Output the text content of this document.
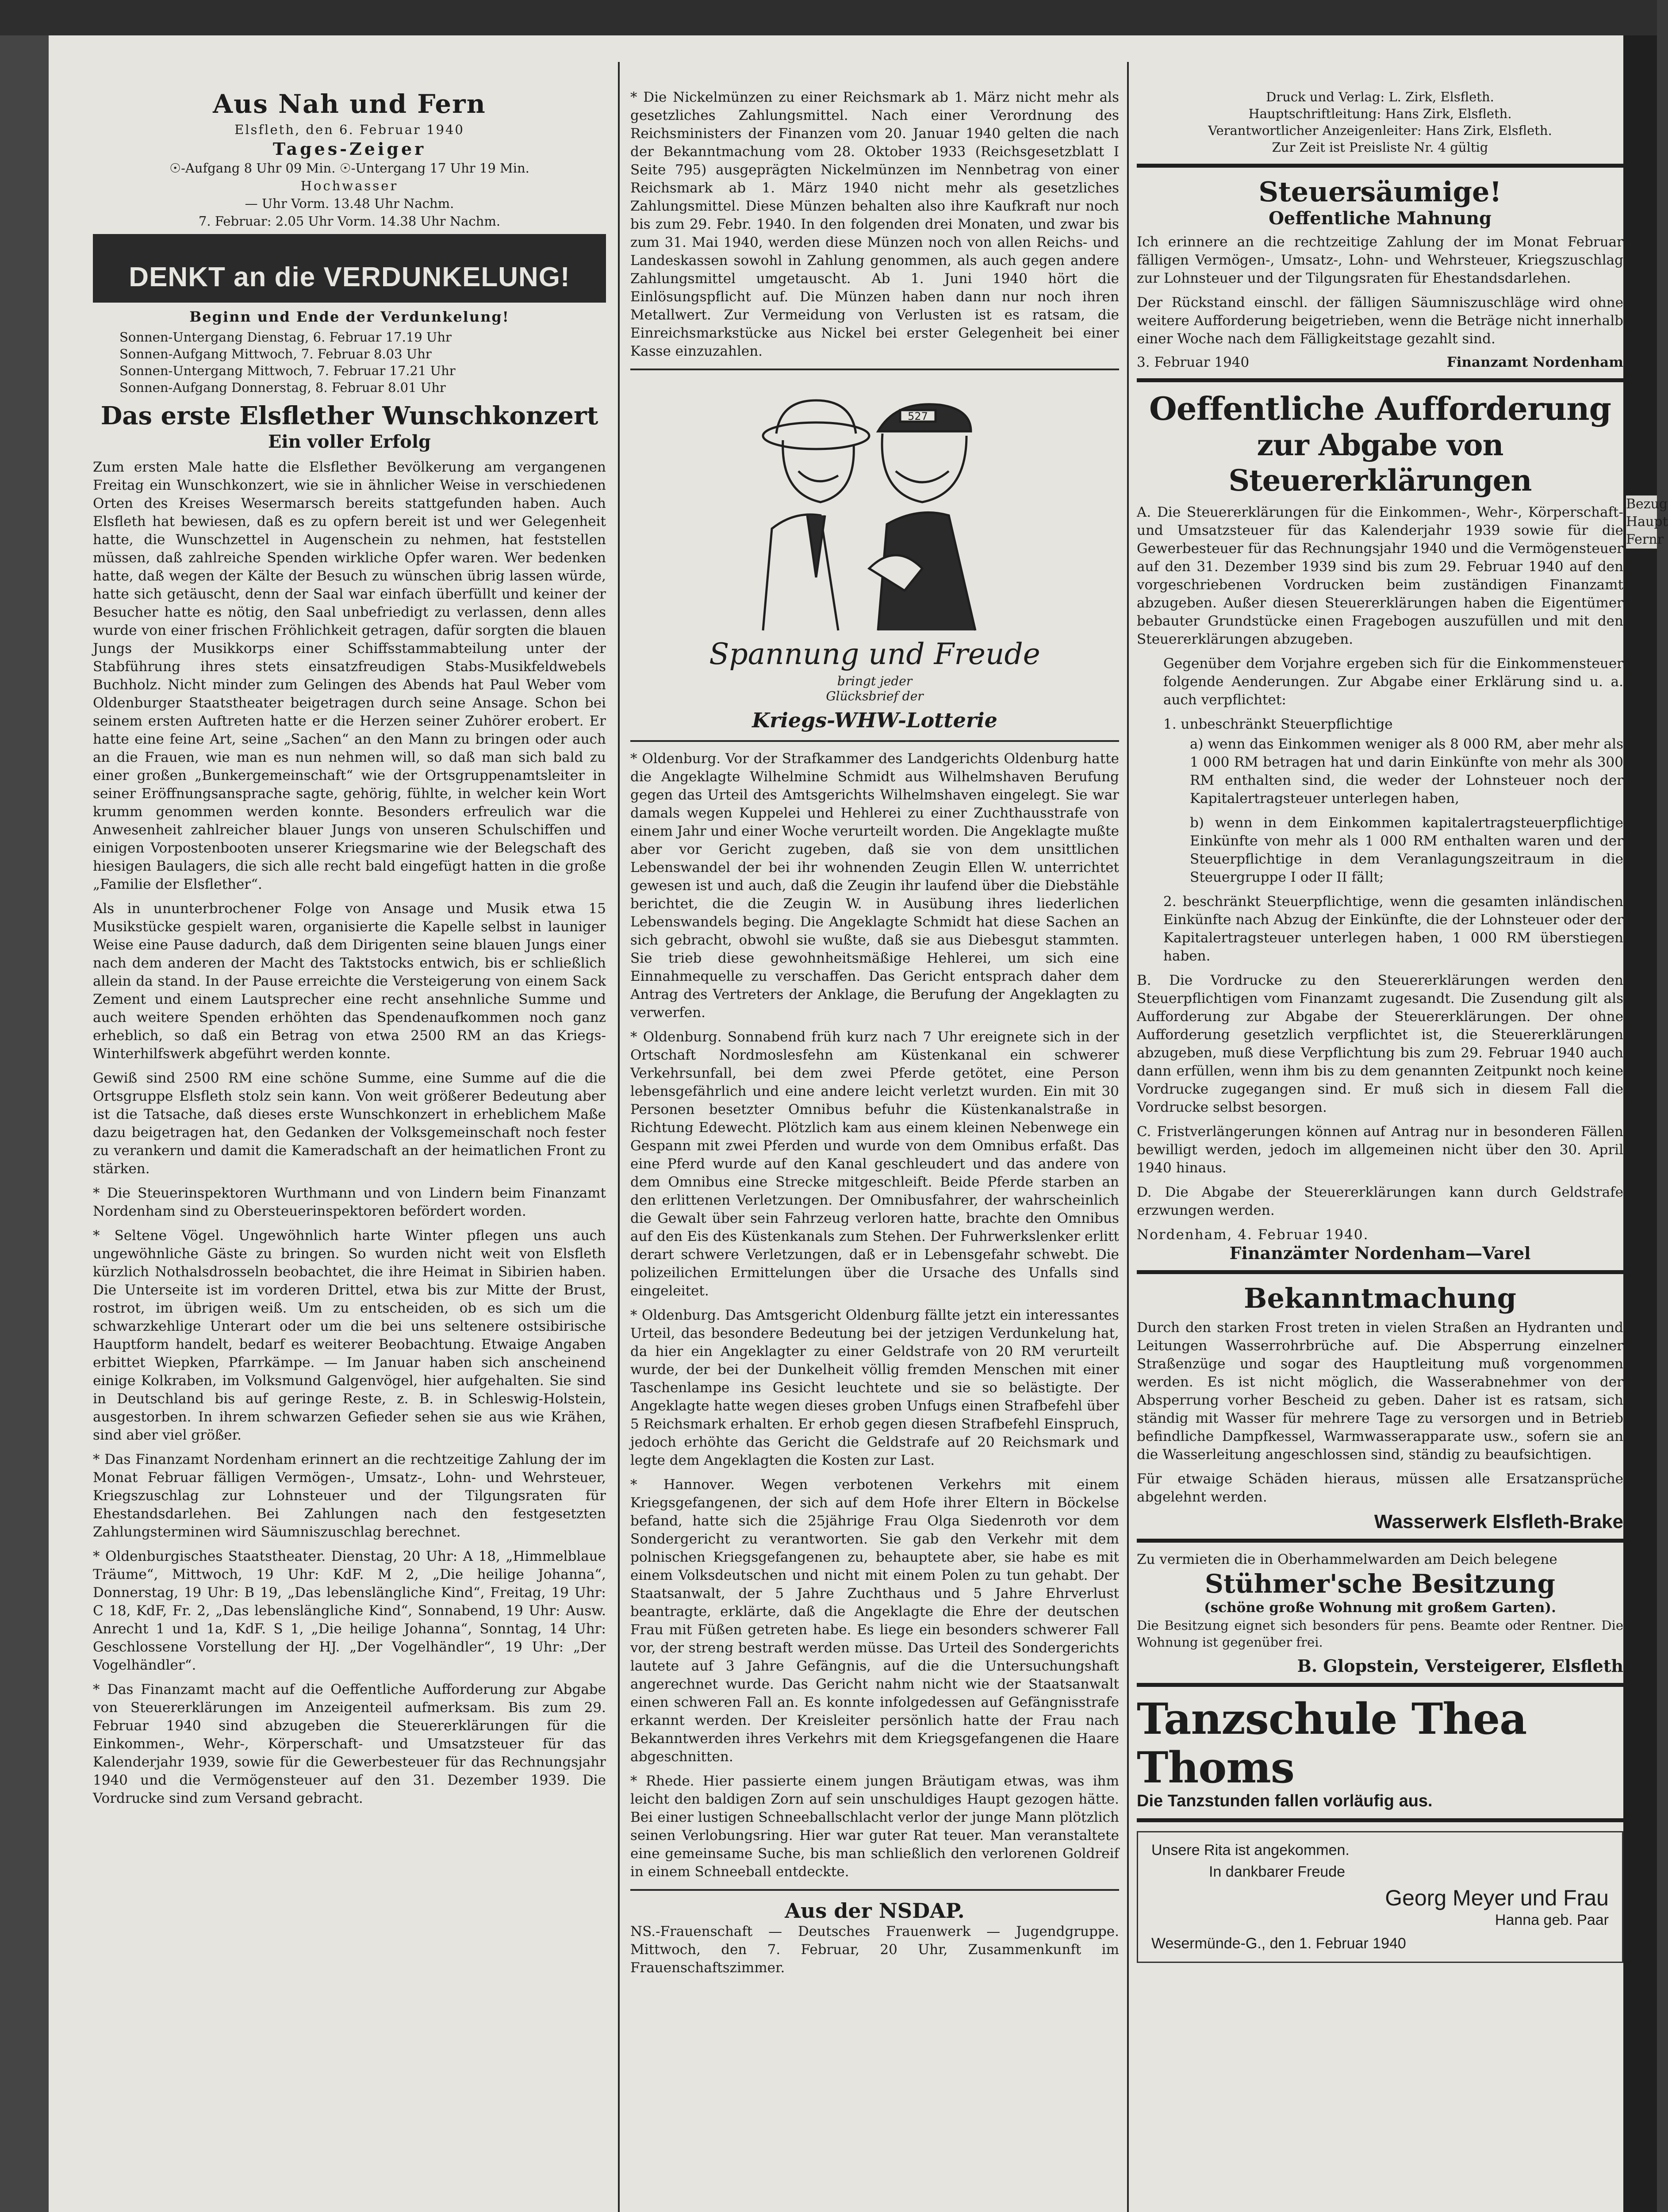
Aus Nah und Fern

Elsfleth, den 6. Februar 1940

Tages-Zeiger

☉-Aufgang 8 Uhr 09 Min. ☉-Untergang 17 Uhr 19 Min.

Hochwasser

— Uhr Vorm. 13.48 Uhr Nachm.

7. Februar: 2.05 Uhr Vorm. 14.38 Uhr Nachm.

DENKT an die VERDUNKELUNG!

Beginn und Ende der Verdunkelung!

Sonnen-Untergang Dienstag, 6. Februar 17.19 Uhr

Sonnen-Aufgang Mittwoch, 7. Februar 8.03 Uhr

Sonnen-Untergang Mittwoch, 7. Februar 17.21 Uhr

Sonnen-Aufgang Donnerstag, 8. Februar 8.01 Uhr

Das erste Elsflether Wunschkonzert
Ein voller Erfolg

Zum ersten Male hatte die Elsflether Bevölkerung am vergangenen Freitag ein Wunschkonzert, wie sie in ähnlicher Weise in verschiedenen Orten des Kreises Wesermarsch bereits stattgefunden haben. Auch Elsfleth hat bewiesen, daß es zu opfern bereit ist und wer Gelegenheit hatte, die Wunschzettel in Augenschein zu nehmen, hat feststellen müssen, daß zahlreiche Spenden wirkliche Opfer waren. Wer bedenken hatte, daß wegen der Kälte der Besuch zu wünschen übrig lassen würde, hatte sich getäuscht, denn der Saal war einfach überfüllt und keiner der Besucher hatte es nötig, den Saal unbefriedigt zu verlassen, denn alles wurde von einer frischen Fröhlichkeit getragen, dafür sorgten die blauen Jungs der Musikkorps einer Schiffsstammabteilung unter der Stabführung ihres stets einsatzfreudigen Stabs-Musikfeldwebels Buchholz. Nicht minder zum Gelingen des Abends hat Paul Weber vom Oldenburger Staatstheater beigetragen durch seine Ansage. Schon bei seinem ersten Auftreten hatte er die Herzen seiner Zuhörer erobert. Er hatte eine feine Art, seine „Sachen“ an den Mann zu bringen oder auch an die Frauen, wie man es nun nehmen will, so daß man sich bald zu einer großen „Bunkergemeinschaft“ wie der Ortsgruppenamtsleiter in seiner Eröffnungsansprache sagte, gehörig, fühlte, in welcher kein Wort krumm genommen werden konnte. Besonders erfreulich war die Anwesenheit zahlreicher blauer Jungs von unseren Schulschiffen und einigen Vorpostenbooten unserer Kriegsmarine wie der Belegschaft des hiesigen Baulagers, die sich alle recht bald eingefügt hatten in die große „Familie der Elsflether“.

Als in ununterbrochener Folge von Ansage und Musik etwa 15 Musikstücke gespielt waren, organisierte die Kapelle selbst in launiger Weise eine Pause dadurch, daß dem Dirigenten seine blauen Jungs einer nach dem anderen der Macht des Taktstocks entwich, bis er schließlich allein da stand. In der Pause erreichte die Versteigerung von einem Sack Zement und einem Lautsprecher eine recht ansehnliche Summe und auch weitere Spenden erhöhten das Spendenaufkommen noch ganz erheblich, so daß ein Betrag von etwa 2500 RM an das Kriegs-Winterhilfswerk abgeführt werden konnte.

Gewiß sind 2500 RM eine schöne Summe, eine Summe auf die die Ortsgruppe Elsfleth stolz sein kann. Von weit größerer Bedeutung aber ist die Tatsache, daß dieses erste Wunschkonzert in erheblichem Maße dazu beigetragen hat, den Gedanken der Volksgemeinschaft noch fester zu verankern und damit die Kameradschaft an der heimatlichen Front zu stärken.

* Die Steuerinspektoren Wurthmann und von Lindern beim Finanzamt Nordenham sind zu Obersteuerinspektoren befördert worden.

* Seltene Vögel. Ungewöhnlich harte Winter pflegen uns auch ungewöhnliche Gäste zu bringen. So wurden nicht weit von Elsfleth kürzlich Nothalsdrosseln beobachtet, die ihre Heimat in Sibirien haben. Die Unterseite ist im vorderen Drittel, etwa bis zur Mitte der Brust, rostrot, im übrigen weiß. Um zu entscheiden, ob es sich um die schwarzkehlige Unterart oder um die bei uns seltenere ostsibirische Hauptform handelt, bedarf es weiterer Beobachtung. Etwaige Angaben erbittet Wiepken, Pfarrkämpe. — Im Januar haben sich anscheinend einige Kolkraben, im Volksmund Galgenvögel, hier aufgehalten. Sie sind in Deutschland bis auf geringe Reste, z. B. in Schleswig-Holstein, ausgestorben. In ihrem schwarzen Gefieder sehen sie aus wie Krähen, sind aber viel größer.

* Das Finanzamt Nordenham erinnert an die rechtzeitige Zahlung der im Monat Februar fälligen Vermögen-, Umsatz-, Lohn- und Wehrsteuer, Kriegszuschlag zur Lohnsteuer und der Tilgungsraten für Ehestandsdarlehen. Bei Zahlungen nach den festgesetzten Zahlungsterminen wird Säumniszuschlag berechnet.

* Oldenburgisches Staatstheater. Dienstag, 20 Uhr: A 18, „Himmelblaue Träume“, Mittwoch, 19 Uhr: KdF. M 2, „Die heilige Johanna“, Donnerstag, 19 Uhr: B 19, „Das lebenslängliche Kind“, Freitag, 19 Uhr: C 18, KdF, Fr. 2, „Das lebenslängliche Kind“, Sonnabend, 19 Uhr: Ausw. Anrecht 1 und 1a, KdF. S 1, „Die heilige Johanna“, Sonntag, 14 Uhr: Geschlossene Vorstellung der HJ. „Der Vogelhändler“, 19 Uhr: „Der Vogelhändler“.

* Das Finanzamt macht auf die Oeffentliche Aufforderung zur Abgabe von Steuererklärungen im Anzeigenteil aufmerksam. Bis zum 29. Februar 1940 sind abzugeben die Steuererklärungen für die Einkommen-, Wehr-, Körperschaft- und Umsatzsteuer für das Kalenderjahr 1939, sowie für die Gewerbesteuer für das Rechnungsjahr 1940 und die Vermögensteuer auf den 31. Dezember 1939. Die Vordrucke sind zum Versand gebracht.

* Die Nickelmünzen zu einer Reichsmark ab 1. März nicht mehr als gesetzliches Zahlungsmittel. Nach einer Verordnung des Reichsministers der Finanzen vom 20. Januar 1940 gelten die nach der Bekanntmachung vom 28. Oktober 1933 (Reichsgesetzblatt I Seite 795) ausgeprägten Nickelmünzen im Nennbetrag von einer Reichsmark ab 1. März 1940 nicht mehr als gesetzliches Zahlungsmittel. Diese Münzen behalten also ihre Kaufkraft nur noch bis zum 29. Febr. 1940. In den folgenden drei Monaten, und zwar bis zum 31. Mai 1940, werden diese Münzen noch von allen Reichs- und Landeskassen sowohl in Zahlung genommen, als auch gegen andere Zahlungsmittel umgetauscht. Ab 1. Juni 1940 hört die Einlösungspflicht auf. Die Münzen haben dann nur noch ihren Metallwert. Zur Vermeidung von Verlusten ist es ratsam, die Einreichsmarkstücke aus Nickel bei erster Gelegenheit bei einer Kasse einzuzahlen.

527
Spannung und Freude
bringt jeder Glücksbrief der
Kriegs-WHW-Lotterie

* Oldenburg. Vor der Strafkammer des Landgerichts Oldenburg hatte die Angeklagte Wilhelmine Schmidt aus Wilhelmshaven Berufung gegen das Urteil des Amtsgerichts Wilhelmshaven eingelegt. Sie war damals wegen Kuppelei und Hehlerei zu einer Zuchthausstrafe von einem Jahr und einer Woche verurteilt worden. Die Angeklagte mußte aber vor Gericht zugeben, daß sie von dem unsittlichen Lebenswandel der bei ihr wohnenden Zeugin Ellen W. unterrichtet gewesen ist und auch, daß die Zeugin ihr laufend über die Diebstähle berichtet, die die Zeugin W. in Ausübung ihres liederlichen Lebenswandels beging. Die Angeklagte Schmidt hat diese Sachen an sich gebracht, obwohl sie wußte, daß sie aus Diebesgut stammten. Sie trieb diese gewohnheitsmäßige Hehlerei, um sich eine Einnahmequelle zu verschaffen. Das Gericht entsprach daher dem Antrag des Vertreters der Anklage, die Berufung der Angeklagten zu verwerfen.

* Oldenburg. Sonnabend früh kurz nach 7 Uhr ereignete sich in der Ortschaft Nordmoslesfehn am Küstenkanal ein schwerer Verkehrsunfall, bei dem zwei Pferde getötet, eine Person lebensgefährlich und eine andere leicht verletzt wurden. Ein mit 30 Personen besetzter Omnibus befuhr die Küstenkanalstraße in Richtung Edewecht. Plötzlich kam aus einem kleinen Nebenwege ein Gespann mit zwei Pferden und wurde von dem Omnibus erfaßt. Das eine Pferd wurde auf den Kanal geschleudert und das andere von dem Omnibus eine Strecke mitgeschleift. Beide Pferde starben an den erlittenen Verletzungen. Der Omnibusfahrer, der wahrscheinlich die Gewalt über sein Fahrzeug verloren hatte, brachte den Omnibus auf den Eis des Küstenkanals zum Stehen. Der Fuhrwerkslenker erlitt derart schwere Verletzungen, daß er in Lebensgefahr schwebt. Die polizeilichen Ermittelungen über die Ursache des Unfalls sind eingeleitet.

* Oldenburg. Das Amtsgericht Oldenburg fällte jetzt ein interessantes Urteil, das besondere Bedeutung bei der jetzigen Verdunkelung hat, da hier ein Angeklagter zu einer Geldstrafe von 20 RM verurteilt wurde, der bei der Dunkelheit völlig fremden Menschen mit einer Taschenlampe ins Gesicht leuchtete und sie so belästigte. Der Angeklagte hatte wegen dieses groben Unfugs einen Strafbefehl über 5 Reichsmark erhalten. Er erhob gegen diesen Strafbefehl Einspruch, jedoch erhöhte das Gericht die Geldstrafe auf 20 Reichsmark und legte dem Angeklagten die Kosten zur Last.

* Hannover. Wegen verbotenen Verkehrs mit einem Kriegsgefangenen, der sich auf dem Hofe ihrer Eltern in Böckelse befand, hatte sich die 25jährige Frau Olga Siedenroth vor dem Sondergericht zu verantworten. Sie gab den Verkehr mit dem polnischen Kriegsgefangenen zu, behauptete aber, sie habe es mit einem Volksdeutschen und nicht mit einem Polen zu tun gehabt. Der Staatsanwalt, der 5 Jahre Zuchthaus und 5 Jahre Ehrverlust beantragte, erklärte, daß die Angeklagte die Ehre der deutschen Frau mit Füßen getreten habe. Es liege ein besonders schwerer Fall vor, der streng bestraft werden müsse. Das Urteil des Sondergerichts lautete auf 3 Jahre Gefängnis, auf die die Untersuchungshaft angerechnet wurde. Das Gericht nahm nicht wie der Staatsanwalt einen schweren Fall an. Es konnte infolgedessen auf Gefängnisstrafe erkannt werden. Der Kreisleiter persönlich hatte der Frau nach Bekanntwerden ihres Verkehrs mit dem Kriegsgefangenen die Haare abgeschnitten.

* Rhede. Hier passierte einem jungen Bräutigam etwas, was ihm leicht den baldigen Zorn auf sein unschuldiges Haupt gezogen hätte. Bei einer lustigen Schneeballschlacht verlor der junge Mann plötzlich seinen Verlobungsring. Hier war guter Rat teuer. Man veranstaltete eine gemeinsame Suche, bis man schließlich den verlorenen Goldreif in einem Schneeball entdeckte.

Aus der NSDAP.

NS.-Frauenschaft — Deutsches Frauenwerk — Jugendgruppe. Mittwoch, den 7. Februar, 20 Uhr, Zusammenkunft im Frauenschaftszimmer.

Druck und Verlag: L. Zirk, Elsfleth.

Hauptschriftleitung: Hans Zirk, Elsfleth.

Verantwortlicher Anzeigenleiter: Hans Zirk, Elsfleth.

Zur Zeit ist Preisliste Nr. 4 gültig

Steuersäumige!
Oeffentliche Mahnung

Ich erinnere an die rechtzeitige Zahlung der im Monat Februar fälligen Vermögen-, Umsatz-, Lohn- und Wehrsteuer, Kriegszuschlag zur Lohnsteuer und der Tilgungsraten für Ehestandsdarlehen.

Der Rückstand einschl. der fälligen Säumniszuschläge wird ohne weitere Aufforderung beigetrieben, wenn die Beträge nicht innerhalb einer Woche nach dem Fälligkeitstage gezahlt sind.

3. Februar 1940	Finanzamt Nordenham
Oeffentliche Aufforderung
zur Abgabe von Steuererklärungen

A. Die Steuererklärungen für die Einkommen-, Wehr-, Körperschaft- und Umsatzsteuer für das Kalenderjahr 1939 sowie für die Gewerbesteuer für das Rechnungsjahr 1940 und die Vermögensteuer auf den 31. Dezember 1939 sind bis zum 29. Februar 1940 auf den vorgeschriebenen Vordrucken beim zuständigen Finanzamt abzugeben. Außer diesen Steuererklärungen haben die Eigentümer bebauter Grundstücke einen Fragebogen auszufüllen und mit den Steuererklärungen abzugeben.

Gegenüber dem Vorjahre ergeben sich für die Einkommensteuer folgende Aenderungen. Zur Abgabe einer Erklärung sind u. a. auch verpflichtet:

1. unbeschränkt Steuerpflichtige

a) wenn das Einkommen weniger als 8 000 RM, aber mehr als 1 000 RM betragen hat und darin Einkünfte von mehr als 300 RM enthalten sind, die weder der Lohnsteuer noch der Kapitalertragsteuer unterlegen haben,

b) wenn in dem Einkommen kapitalertragsteuerpflichtige Einkünfte von mehr als 1 000 RM enthalten waren und der Steuerpflichtige in dem Veranlagungszeitraum in die Steuergruppe I oder II fällt;

2. beschränkt Steuerpflichtige, wenn die gesamten inländischen Einkünfte nach Abzug der Einkünfte, die der Lohnsteuer oder der Kapitalertragsteuer unterlegen haben, 1 000 RM überstiegen haben.

B. Die Vordrucke zu den Steuererklärungen werden den Steuerpflichtigen vom Finanzamt zugesandt. Die Zusendung gilt als Aufforderung zur Abgabe der Steuererklärungen. Der ohne Aufforderung gesetzlich verpflichtet ist, die Steuererklärungen abzugeben, muß diese Verpflichtung bis zum 29. Februar 1940 auch dann erfüllen, wenn ihm bis zu dem genannten Zeitpunkt noch keine Vordrucke zugegangen sind. Er muß sich in diesem Fall die Vordrucke selbst besorgen.

C. Fristverlängerungen können auf Antrag nur in besonderen Fällen bewilligt werden, jedoch im allgemeinen nicht über den 30. April 1940 hinaus.

D. Die Abgabe der Steuererklärungen kann durch Geldstrafe erzwungen werden.

Nordenham, 4. Februar 1940.

Finanzämter Nordenham—Varel

Bekanntmachung

Durch den starken Frost treten in vielen Straßen an Hydranten und Leitungen Wasserrohrbrüche auf. Die Absperrung einzelner Straßenzüge und sogar des Hauptleitung muß vorgenommen werden. Es ist nicht möglich, die Wasserabnehmer von der Absperrung vorher Bescheid zu geben. Daher ist es ratsam, sich ständig mit Wasser für mehrere Tage zu versorgen und in Betrieb befindliche Dampfkessel, Warmwasserapparate usw., sofern sie an die Wasserleitung angeschlossen sind, ständig zu beaufsichtigen.

Für etwaige Schäden hieraus, müssen alle Ersatzansprüche abgelehnt werden.

Wasserwerk Elsfleth-Brake

Zu vermieten die in Oberhammelwarden am Deich belegene

Stühmer'sche Besitzung

(schöne große Wohnung mit großem Garten).

Die Besitzung eignet sich besonders für pens. Beamte oder Rentner. Die Wohnung ist gegenüber frei.

B. Glopstein, Versteigerer, Elsfleth

Tanzschule Thea Thoms

Die Tanzstunden fallen vorläufig aus.

Unsere Rita ist angekommen.

In dankbarer Freude

Georg Meyer und Frau

Hanna geb. Paar

Wesermünde-G., den 1. Februar 1940

Bezug
Haupt
Fernr
